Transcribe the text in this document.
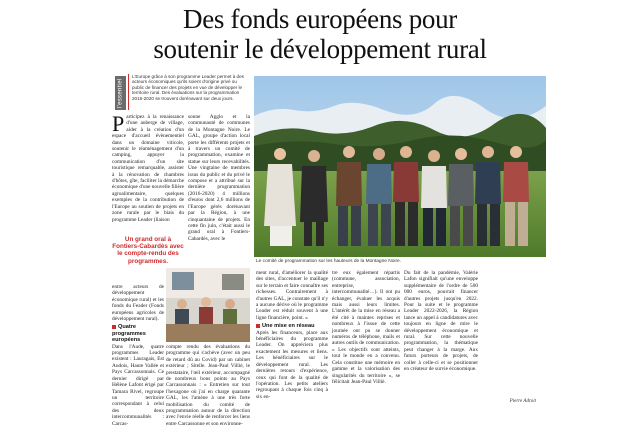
Des fonds européens pour
soutenir le développement rural
l'essentiel
L'Europe grâce à son programme Leader permet à des acteurs économiques qu'ils soient d'origine privé ou public de financer des projets en vue de développer le territoire rural. Des évaluations sur la programmation 2016-2020 se trouvent dorénavant sur deux jours.
P articipez à la renaissance d'une auberge de village, aider à la création d'un espace d'accueil évènementiel dans un domaine viticole, soutenir le réaménagement d'un camping, appuyer la communication d'un site touristique remarquable, assister à la rénovation de chambres d'hôtes, gîte, faciliter la démarche économique d'une nouvelle filière agroalimentaire, quelques exemples de la contribution de l'Europe au soutien de projets en zone rurale par le biais du programme Leader (liaison
sonne Agglo et la communauté de communes de la Montagne Noire. Le GAL, groupe d'action local porte les différents projets et à travers un comité de programmation, examine et statue sur leurs recevabilités. Une vingtaine de membres issus du public et du privé le compose et a attribué sur la dernière programmation (2016-2020) 4 millions d'euros dont 2,6 millions de l'Europe gérés dorénavant par la Région, à une cinquantaine de projets. En cette fin juin, c'était aussi le grand oral à Fontiers-Cabardès, avec le
Un grand oral à Fontiers-Cabardès avec le compte-rendu des programmes.	Le comité de programmation sur les hauteurs de la Montagne Noire.
entre acteurs de développement économique rural) et les fonds du Feader (Fonds européens agricoles de développement rural).
Quatre programmes européens
Dans l'Aude, quatre programmes Leader existent : Lauragais, Est Audois, Haute Vallée et Pays Carcassonnais. Ce dernier dirigé par Hélène Lafont érigé par Tamara Rivel, regroupe un territoire correspondant à celui des deux intercommunalités : Carcas-
compte rendu des évaluations du programme qui s'achève (avec un peu de retard dû au Covid) par un cabinet extérieur ; Sitelle. Jean-Paul Villié, le prestataire, l'œil extérieur, accompagné de nombreux bons points au Pays Carcassonnais : « Entretien sur tout l'hexagone où j'ai en charge quarante GAL, les l'amène à une très forte mobilisation du comité de programmation autour de la direction avec l'envie réelle de renforcer les liens entre Carcassonne et son environne-
ment rural, d'améliorer la qualité des sites, d'accentuer le maillage sur le terrain et faire connaître ses richesses. Contrairement à d'autres GAL, je constate qu'il n'y a aucune dérive où le programme Leader est réduit souvent à une ligne financière, point. »
Une mise en réseau
Après les financeurs, place aux bénéficiaires du programme Leader. On appréciera plus exactement les mesures et liens. Les bénéficiaires sur le développement rural. Les dernières retours d'expérience, ceux qui font de la qualité de l'opération. Les petits ateliers regroupant à chaque fois cinq à six en-
tre eux également répartis (commune, association, entreprise, intercommunalité…). Il ont pu échanger, évaluer les acquis mais aussi leurs limites. L'intérêt de la mise en réseau a été cité à maintes reprises et nombreux à l'issue de cette journée ont pu se donner numéros de téléphone, mails et autres outils de communication. « Les objectifs sont atteints, tout le monde en a convenu. Cela constitue une mémoire en gamme et la valorisation des singularités du territoire », se félicitait Jean-Paul Villié.
Du fait de la pandémie, Valérie Lafon signifiait qu'une enveloppe supplémentaire de l'ordre de 500 000 euros, pourrait financer d'autres projets jusqu'en 2022. Pour la suite et le programme Leader 2022-2026, la Région lance un appel à candidatures avec toujours en ligne de mire le développement économique et rural. Sur cette nouvelle programmation, la thématique peut changer à la marge. Aux futurs porteurs de projets, de coller à celle-ci et se positionner en créateur de survie économique.
Pierre Adroit
